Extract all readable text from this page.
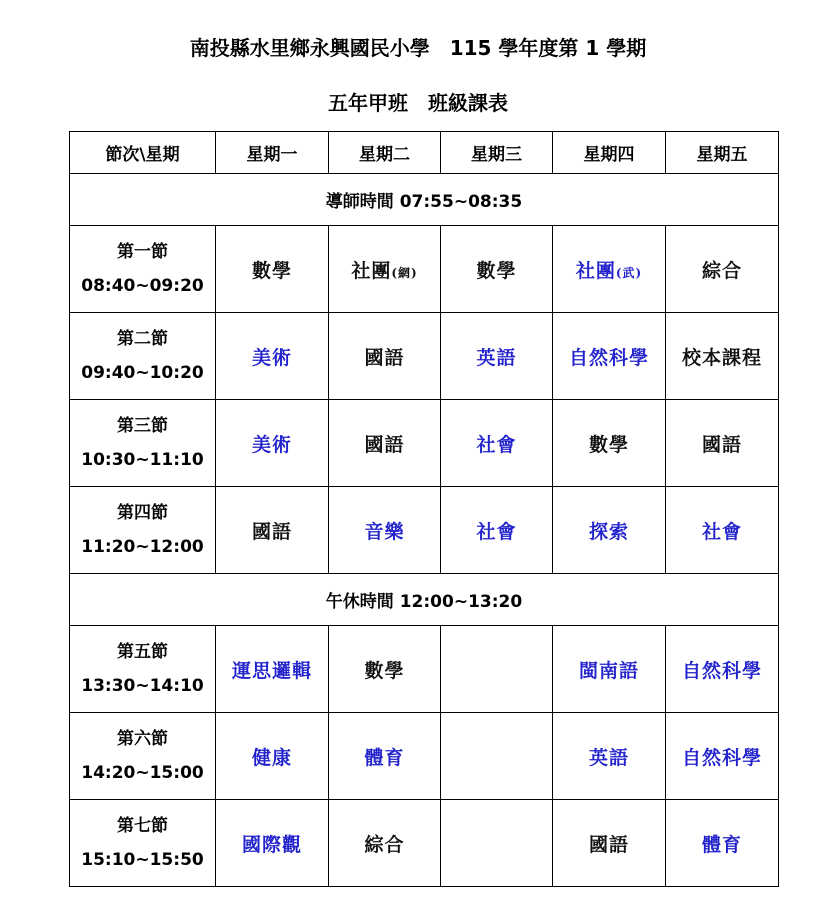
南投縣水里鄉永興國民小學　115 學年度第 1 學期
五年甲班　班級課表
節次\星期	星期一	星期二	星期三	星期四	星期五
導師時間 07:55~08:35					

第一節
08:40~09:20	數學	社團(網)	數學	社團(武)	綜合

第二節
09:40~10:20	美術	國語	英語	自然科學	校本課程

第三節
10:30~11:10	美術	國語	社會	數學	國語

第四節
11:20~12:00	國語	音樂	社會	探索	社會
午休時間 12:00~13:20					

第五節
13:30~14:10	運思邏輯	數學		閩南語	自然科學

第六節
14:20~15:00	健康	體育		英語	自然科學

第七節
15:10~15:50	國際觀	綜合		國語	體育
